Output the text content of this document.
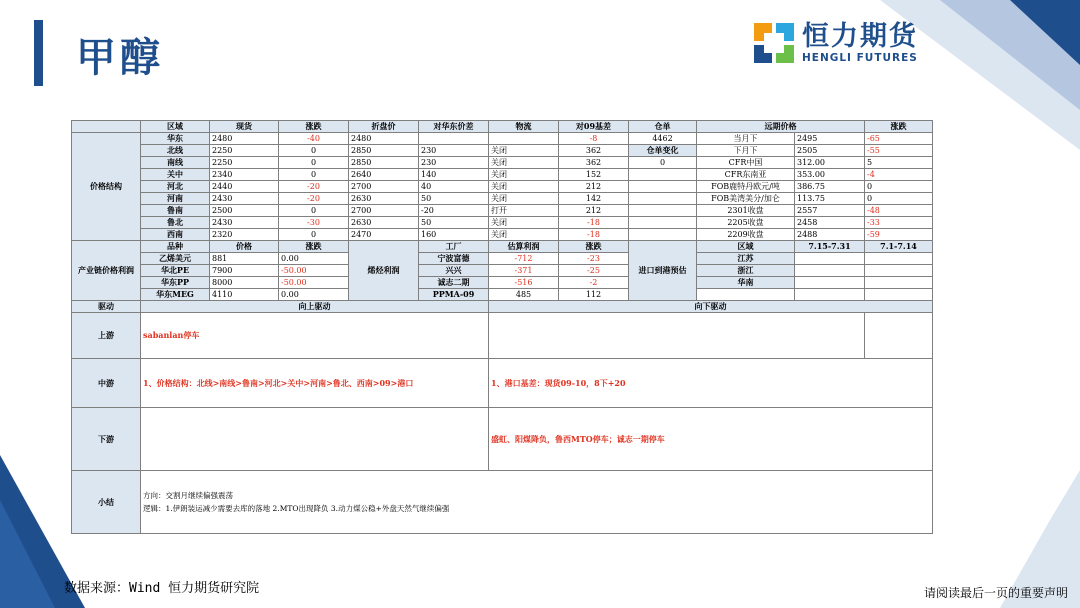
甲醇	恒力期货
HENGLI FUTURES
	区域	现货	涨跌	折盘价	对华东价差	物流	对09基差	仓单	远期价格		涨跌
价格结构	华东	2480	-40	2480			-8	4462	当月下	2495	-65
	北线	2250	0	2850	230	关闭	362	仓单变化	下月下	2505	-55
	南线	2250	0	2850	230	关闭	362	0	CFR中国	312.00	5
	关中	2340	0	2640	140	关闭	152		CFR东南亚	353.00	-4
	河北	2440	-20	2700	40	关闭	212		FOB鹿特丹欧元/吨	386.75	0
	河南	2430	-20	2630	50	关闭	142		FOB美湾美分/加仑	113.75	0
	鲁南	2500	0	2700	-20	打开	212		2301收盘	2557	-48
	鲁北	2430	-30	2630	50	关闭	-18		2205收盘	2458	-33
	西南	2320	0	2470	160	关闭	-18		2209收盘	2488	-59
产业链价格利润	品种	价格	涨跌	烯烃利润	工厂	估算利润	涨跌	进口到港预估	区域	7.15-7.31	7.1-7.14
	乙烯美元	881	0.00		宁波富德	-712	-23		江苏		
	华北PE	7900	-50.00		兴兴	-371	-25		浙江		
	华东PP	8000	-50.00		诚志二期	-516	-2		华南		
	华东MEG	4110	0.00		PPMA-09	485	112				
驱动	向上驱动					向下驱动					
上游	sabanlan停车										
中游	1、价格结构：北线>南线>鲁南>河北>关中>河南>鲁北、西南>09>港口					1、港口基差：现货09-10，8下+20					
下游						盛虹、阳煤降负，鲁西MTO停车；诚志一期停车					
小结	方向：交割月继续偏强震荡
逻辑：1.伊朗装运减少需要去库的落地 2.MTO出现降负 3.动力煤公稳+外盘天然气继续偏强										
数据来源：Wind 恒力期货研究院	请阅读最后一页的重要声明
